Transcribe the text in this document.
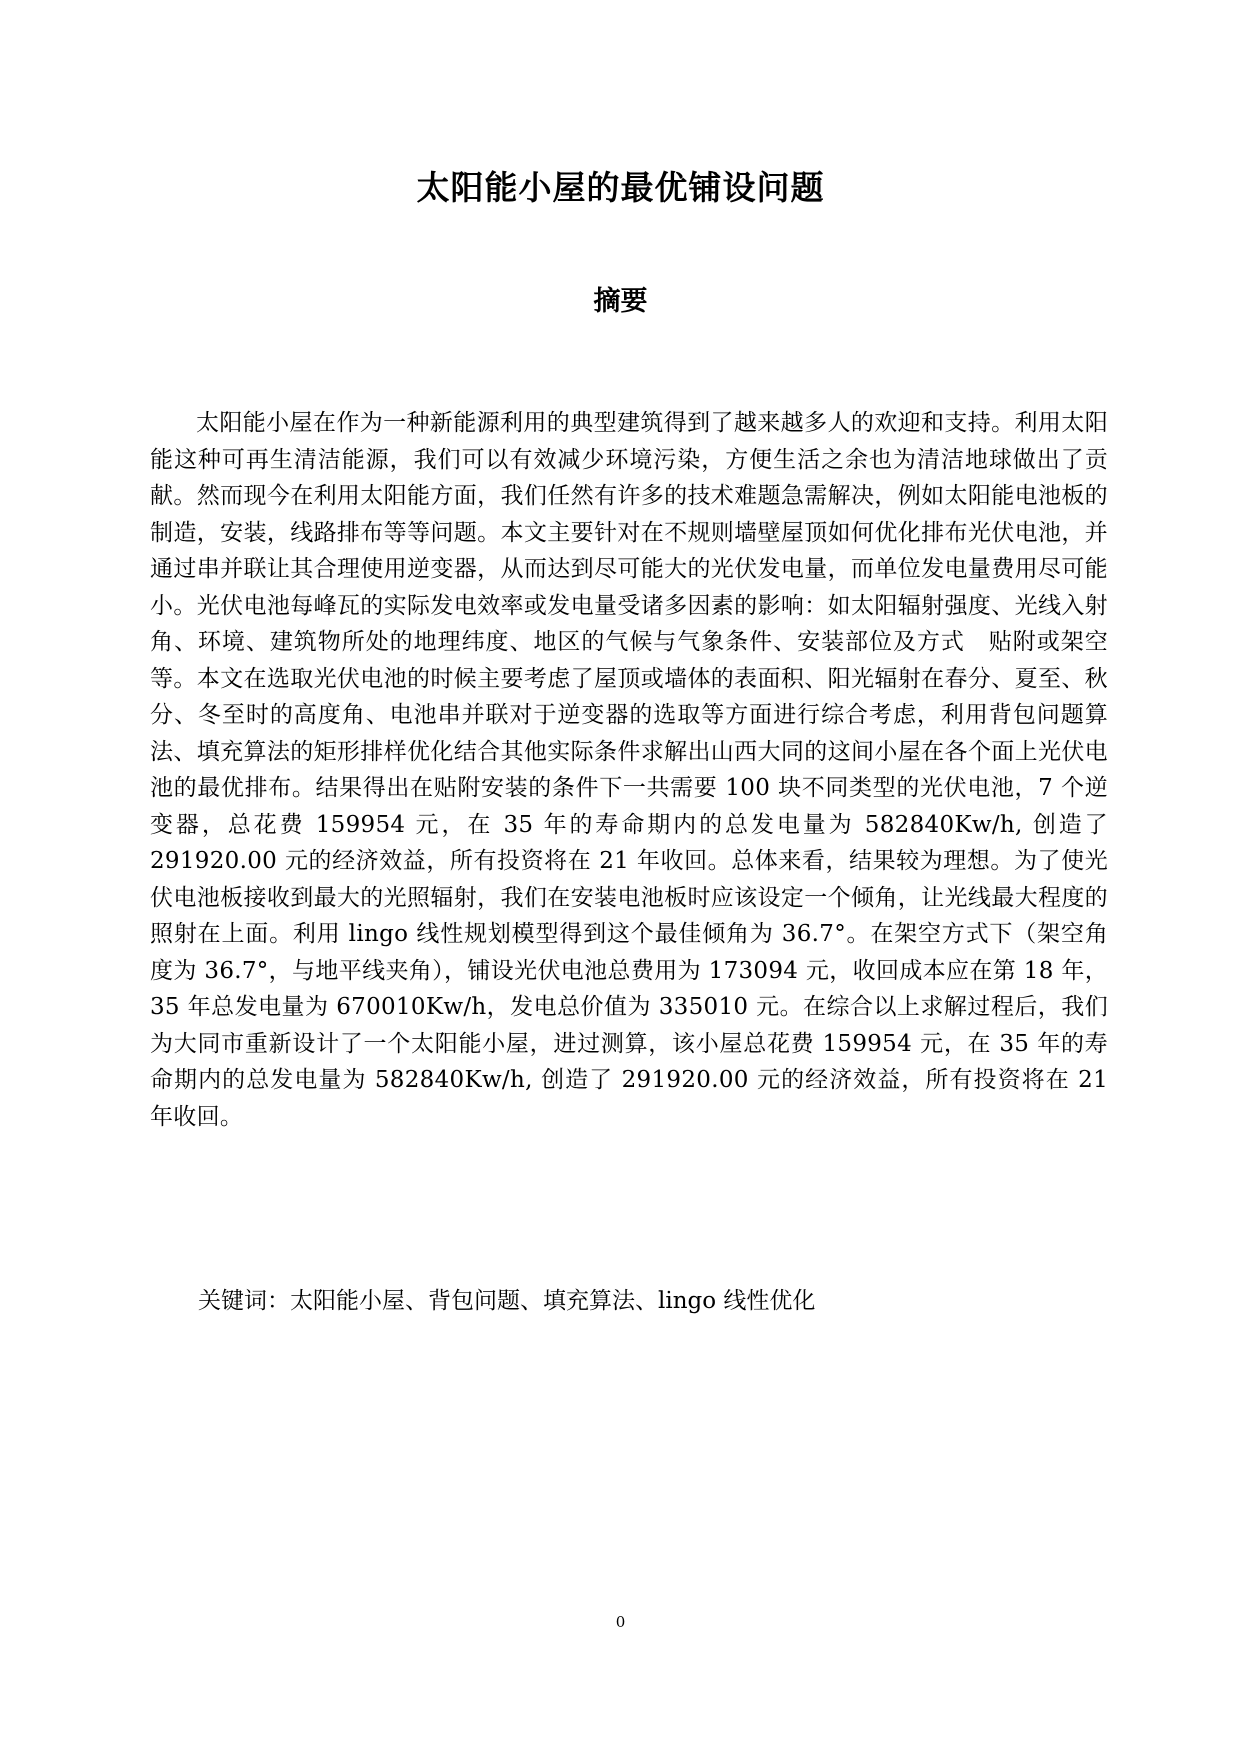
太阳能小屋的最优铺设问题
摘要

太阳能小屋在作为一种新能源利用的典型建筑得到了越来越多人的欢迎和支持。利用太阳能这种可再生清洁能源，我们可以有效减少环境污染，方便生活之余也为清洁地球做出了贡献。然而现今在利用太阳能方面，我们任然有许多的技术难题急需解决，例如太阳能电池板的制造，安装，线路排布等等问题。本文主要针对在不规则墙壁屋顶如何优化排布光伏电池，并通过串并联让其合理使用逆变器，从而达到尽可能大的光伏发电量，而单位发电量费用尽可能小。光伏电池每峰瓦的实际发电效率或发电量受诸多因素的影响：如太阳辐射强度、光线入射角、环境、建筑物所处的地理纬度、地区的气候与气象条件、安装部位及方式　贴附或架空等。本文在选取光伏电池的时候主要考虑了屋顶或墙体的表面积、阳光辐射在春分、夏至、秋分、冬至时的高度角、电池串并联对于逆变器的选取等方面进行综合考虑，利用背包问题算法、填充算法的矩形排样优化结合其他实际条件求解出山西大同的这间小屋在各个面上光伏电池的最优排布。结果得出在贴附安装的条件下一共需要 100 块不同类型的光伏电池，7 个逆变器，总花费 159954 元，在 35 年的寿命期内的总发电量为 582840Kw/h, 创造了 291920.00 元的经济效益，所有投资将在 21 年收回。总体来看，结果较为理想。为了使光伏电池板接收到最大的光照辐射，我们在安装电池板时应该设定一个倾角，让光线最大程度的照射在上面。利用 lingo 线性规划模型得到这个最佳倾角为 36.7°。在架空方式下（架空角度为 36.7°，与地平线夹角），铺设光伏电池总费用为 173094 元，收回成本应在第 18 年，35 年总发电量为 670010Kw/h，发电总价值为 335010 元。在综合以上求解过程后，我们为大同市重新设计了一个太阳能小屋，进过测算，该小屋总花费 159954 元，在 35 年的寿命期内的总发电量为 582840Kw/h, 创造了 291920.00 元的经济效益，所有投资将在 21 年收回。

关键词：太阳能小屋、背包问题、填充算法、lingo 线性优化
0
